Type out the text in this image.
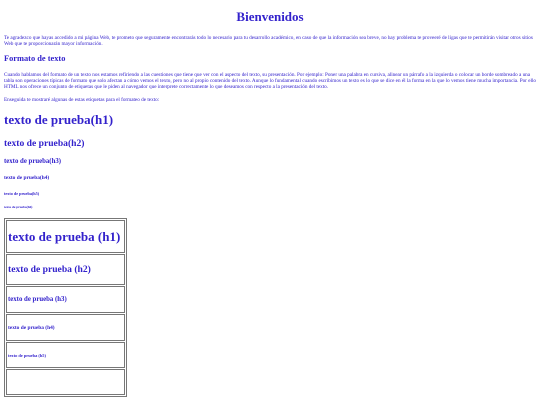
Bienvenidos

Te agradezco que hayas accedido a mi página Web, te prometo que seguramente encontrarás todo lo necesario para tu desarrollo académico, en caso de que la información sea breve, no hay problema te proveeré de ligas que te permitirán visitar otros sitios Web que te proporcionarán mayor información.

Formato de texto

Cuando hablamos del formato de un texto nos estamos refiriendo a las cuestiones que tiene que ver con el aspecto del texto, su presentación. Por ejemplo: Poner una palabra en cursiva, alinear un párrafo a la izquierda o colocar un borde sombreado a una tabla son operaciones típicas de formato que solo afectan a cómo vemos el texto, pero no al propio contenido del texto. Aunque lo fundamental cuando escribimos un texto es lo que se dice en él la forma en la que lo vemos tiene mucha importancia. Por ello HTML nos ofrece un conjunto de etiquetas que le piden al navegador que interprete correctamente lo que deseamos con respecto a la presentación del texto.

Enseguida te mostraré algunas de estas etiquetas para el formateo de texto:

texto de prueba(h1)
texto de prueba(h2)
texto de prueba(h3)
texto de prueba(h4)
texto de prueba(h5)
texto de prueba(h6)
texto de prueba (h1)
texto de prueba (h2)
texto de prueba (h3)
texto de prueba (h4)
texto de prueba (h5)
